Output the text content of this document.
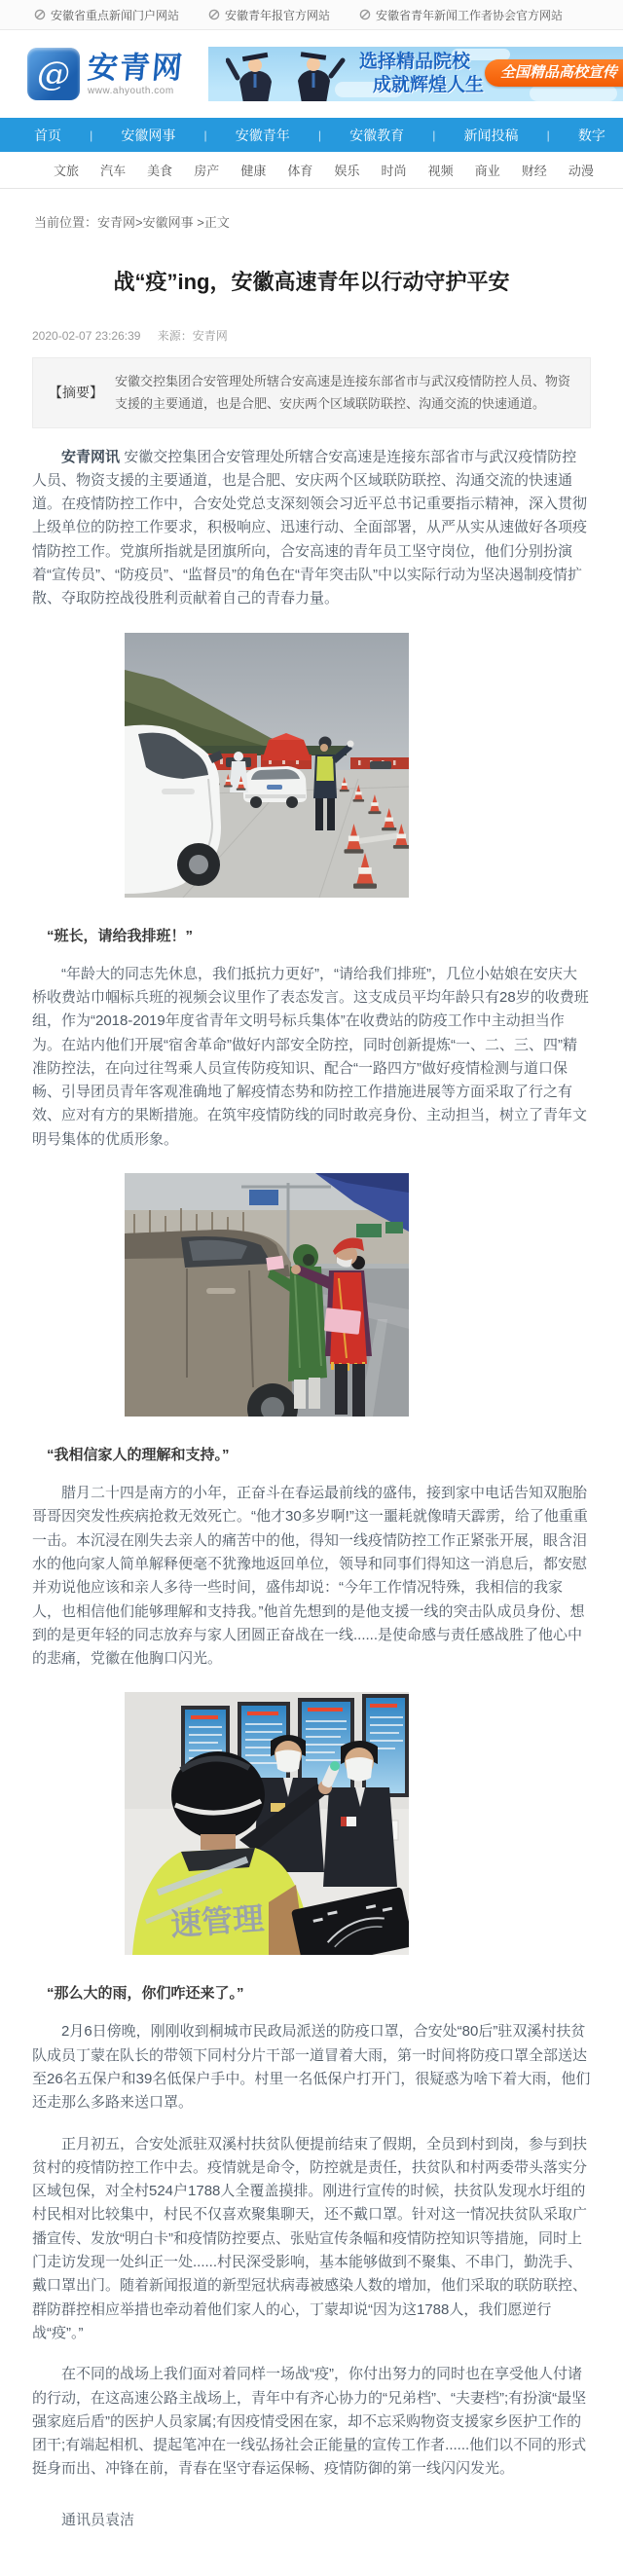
安徽省重点新闻门户网站	安徽青年报官方网站	安徽省青年新闻工作者协会官方网站
@ 安青网
www.ahyouth.com
选择精品院校
成就辉煌人生
全国精品高校宣传
首页 | 安徽网事 | 安徽青年 | 安徽教育 | 新闻投稿 | 数字
文旅 汽车 美食 房产 健康 体育 娱乐 时尚 视频 商业 财经 动漫
当前位置：安青网>安徽网事 >正文
战“疫”ing，安徽高速青年以行动守护平安
2020-02-07 23:26:39 来源：安青网
【摘要】
安徽交控集团合安管理处所辖合安高速是连接东部省市与武汉疫情防控人员、物资支援的主要通道，也是合肥、安庆两个区域联防联控、沟通交流的快速通道。

安青网讯 安徽交控集团合安管理处所辖合安高速是连接东部省市与武汉疫情防控人员、物资支援的主要通道，也是合肥、安庆两个区域联防联控、沟通交流的快速通道。在疫情防控工作中，合安处党总支深刻领会习近平总书记重要指示精神，深入贯彻上级单位的防控工作要求，积极响应、迅速行动、全面部署，从严从实从速做好各项疫情防控工作。党旗所指就是团旗所向，合安高速的青年员工坚守岗位，他们分别扮演着“宣传员”、“防疫员”、“监督员”的角色在“青年突击队”中以实际行动为坚决遏制疫情扩散、夺取防控战役胜利贡献着自己的青春力量。

“班长，请给我排班！”

“年龄大的同志先休息，我们抵抗力更好”，“请给我们排班”，几位小姑娘在安庆大桥收费站巾帼标兵班的视频会议里作了表态发言。这支成员平均年龄只有28岁的收费班组，作为“2018-2019年度省青年文明号标兵集体”在收费站的防疫工作中主动担当作为。在站内他们开展“宿舍革命”做好内部安全防控，同时创新提炼“一、二、三、四”精准防控法，在向过往驾乘人员宣传防疫知识、配合“一路四方”做好疫情检测与道口保畅、引导团员青年客观准确地了解疫情态势和防控工作措施进展等方面采取了行之有效、应对有方的果断措施。在筑牢疫情防线的同时敢亮身份、主动担当，树立了青年文明号集体的优质形象。

“我相信家人的理解和支持。”

腊月二十四是南方的小年，正奋斗在春运最前线的盛伟，接到家中电话告知双胞胎哥哥因突发性疾病抢救无效死亡。“他才30多岁啊!”这一噩耗就像晴天霹雳，给了他重重一击。本沉浸在刚失去亲人的痛苦中的他，得知一线疫情防控工作正紧张开展，眼含泪水的他向家人简单解释便毫不犹豫地返回单位，领导和同事们得知这一消息后，都安慰并劝说他应该和亲人多待一些时间，盛伟却说：“今年工作情况特殊，我相信的我家人，也相信他们能够理解和支持我。”他首先想到的是他支援一线的突击队成员身份、想到的是更年轻的同志放弃与家人团圆正奋战在一线......是使命感与责任感战胜了他心中的悲痛，党徽在他胸口闪光。

速管理
“那么大的雨，你们咋还来了。”

2月6日傍晚，刚刚收到桐城市民政局派送的防疫口罩，合安处“80后”驻双溪村扶贫队成员丁蒙在队长的带领下同村分片干部一道冒着大雨，第一时间将防疫口罩全部送达至26名五保户和39名低保户手中。村里一名低保户打开门，很疑惑为啥下着大雨，他们还走那么多路来送口罩。

正月初五，合安处派驻双溪村扶贫队便提前结束了假期，全员到村到岗，参与到扶贫村的疫情防控工作中去。疫情就是命令，防控就是责任，扶贫队和村两委带头落实分区域包保，对全村524户1788人全覆盖摸排。刚进行宣传的时候，扶贫队发现水圩组的村民相对比较集中，村民不仅喜欢聚集聊天，还不戴口罩。针对这一情况扶贫队采取广播宣传、发放“明白卡”和疫情防控要点、张贴宣传条幅和疫情防控知识等措施，同时上门走访发现一处纠正一处......村民深受影响，基本能够做到不聚集、不串门，勤洗手、戴口罩出门。随着新闻报道的新型冠状病毒被感染人数的增加，他们采取的联防联控、群防群控相应举措也牵动着他们家人的心，丁蒙却说“因为这1788人，我们愿逆行战“疫”。”

在不同的战场上我们面对着同样一场战“疫”，你付出努力的同时也在享受他人付诸的行动，在这高速公路主战场上，青年中有齐心协力的“兄弟档”、“夫妻档”;有扮演“最坚强家庭后盾”的医护人员家属;有因疫情受困在家，却不忘采购物资支援家乡医护工作的团干;有端起相机、提起笔冲在一线弘扬社会正能量的宣传工作者......他们以不同的形式挺身而出、冲锋在前，青春在坚守春运保畅、疫情防御的第一线闪闪发光。

通讯员袁洁
